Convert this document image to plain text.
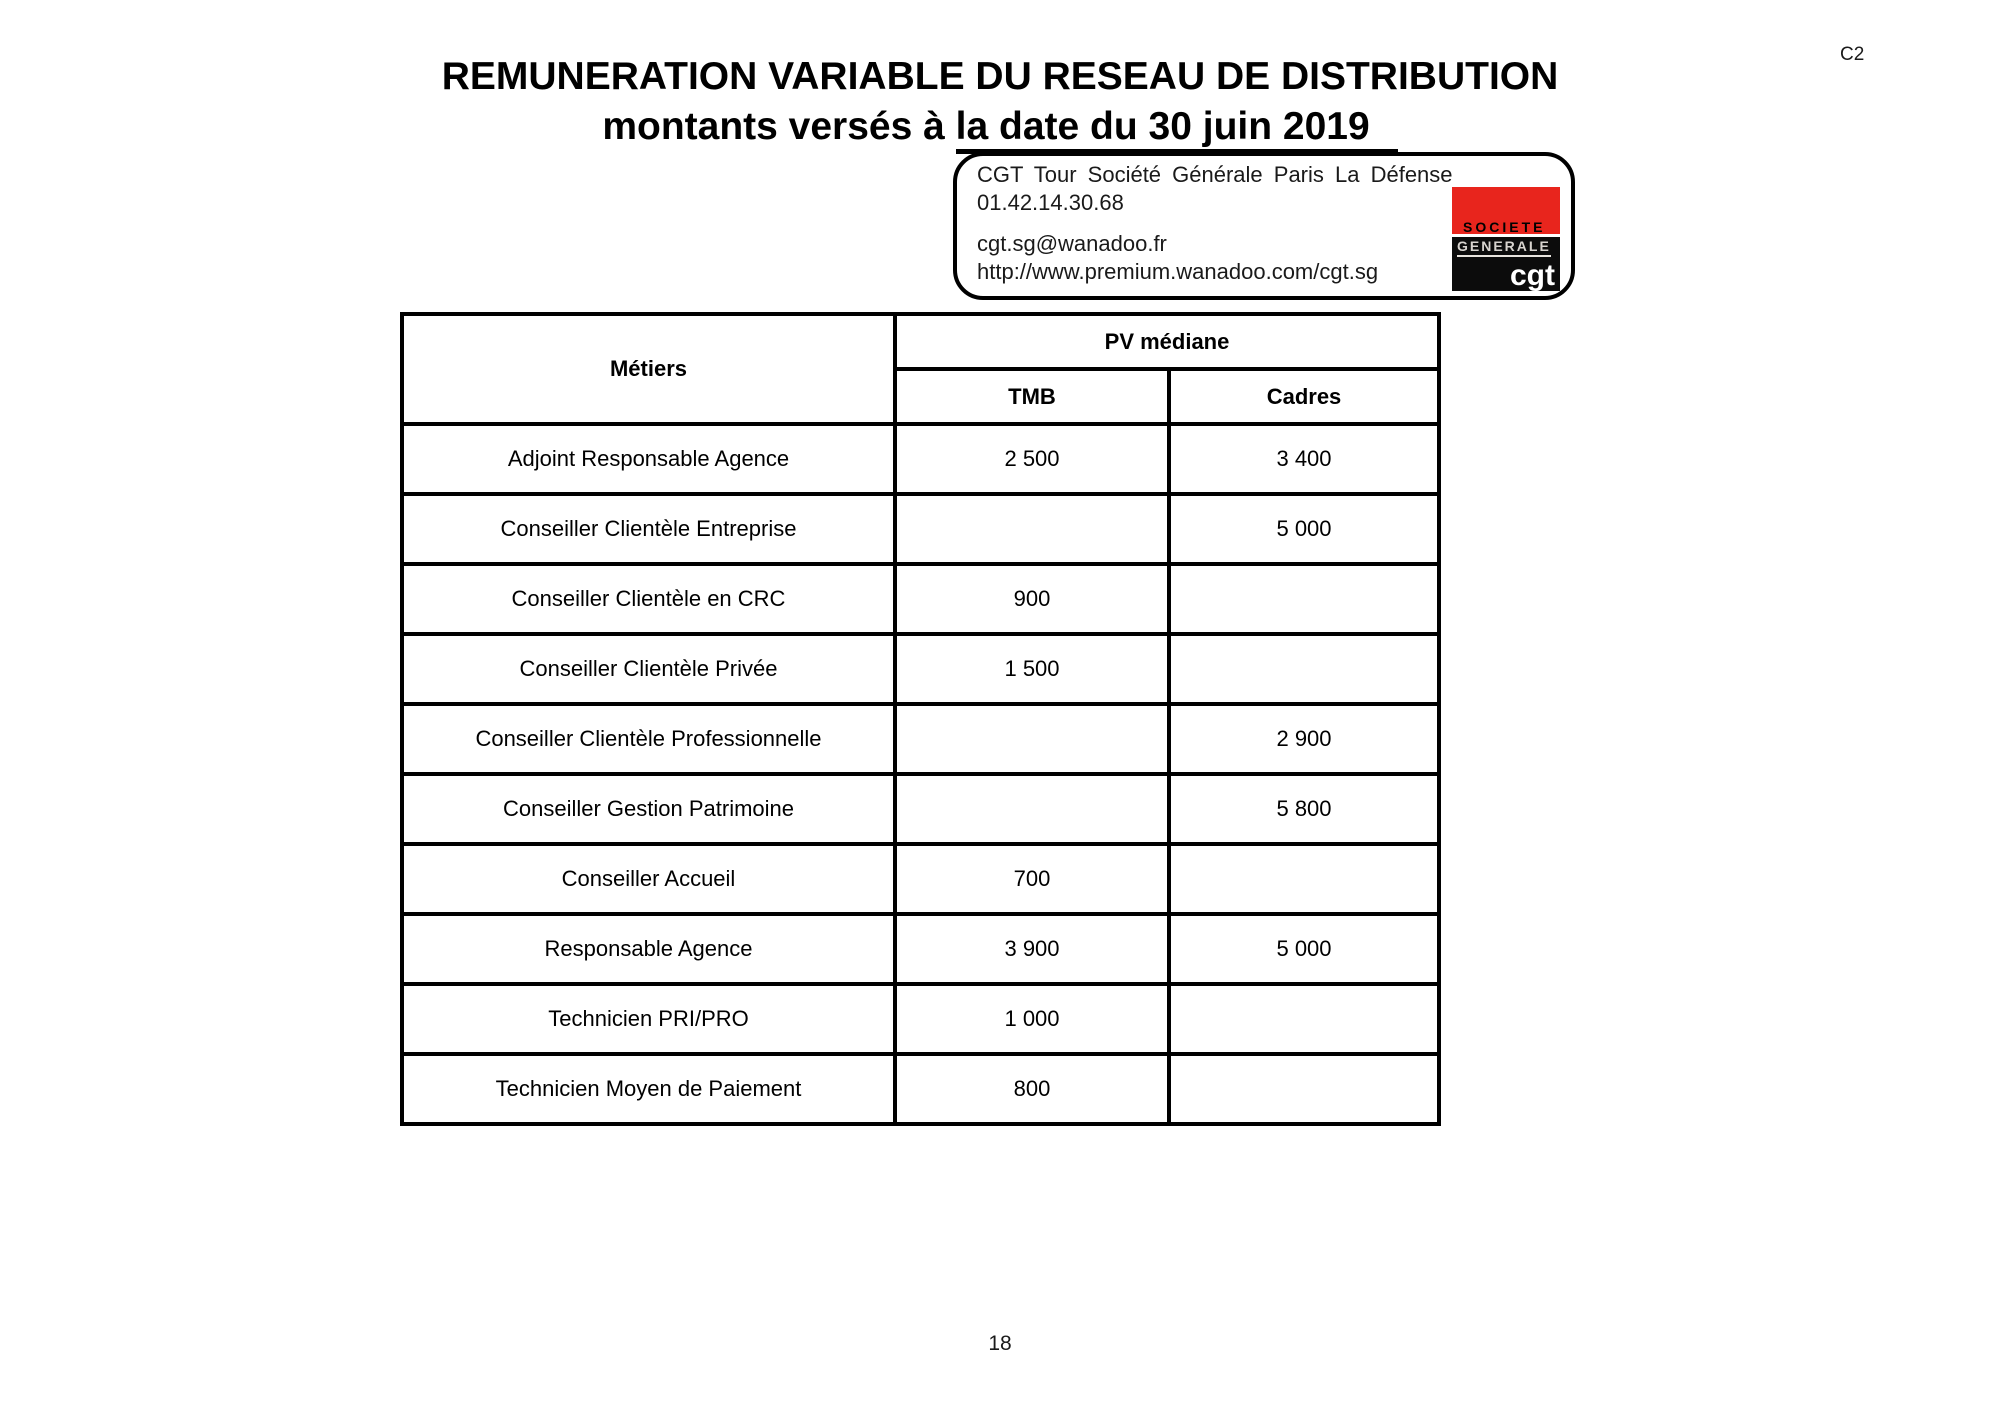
C2
REMUNERATION VARIABLE DU RESEAU DE DISTRIBUTION
montants versés à la date du 30 juin 2019

CGT Tour Société Générale Paris La Défense

01.42.14.30.68

cgt.sg@wanadoo.fr

http://www.premium.wanadoo.com/cgt.sg

SOCIETE
GENERALE
cgt
Métiers	PV médiane	
	TMB	Cadres
Adjoint Responsable Agence	2 500	3 400
Conseiller Clientèle Entreprise		5 000
Conseiller Clientèle en CRC	900	
Conseiller Clientèle Privée	1 500	
Conseiller Clientèle Professionnelle		2 900
Conseiller Gestion Patrimoine		5 800
Conseiller Accueil	700	
Responsable Agence	3 900	5 000
Technicien PRI/PRO	1 000	
Technicien Moyen de Paiement	800	
18
